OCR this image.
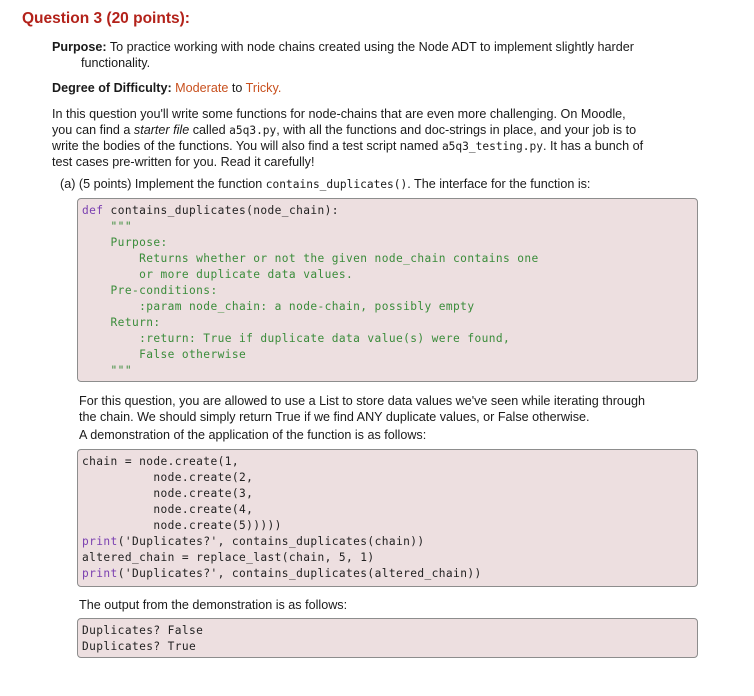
Question 3 (20 points):
Purpose: To practice working with node chains created using the Node ADT to implement slightly harder
functionality.
Degree of Difficulty: Moderate to Tricky.
In this question you'll write some functions for node-chains that are even more challenging. On Moodle,
you can find a starter file called a5q3.py, with all the functions and doc-strings in place, and your job is to
write the bodies of the functions. You will also find a test script named a5q3_testing.py. It has a bunch of
test cases pre-written for you. Read it carefully!
(a) (5 points) Implement the function contains_duplicates(). The interface for the function is:
def contains_duplicates(node_chain):
"""
Purpose:
Returns whether or not the given node_chain contains one
or more duplicate data values.
Pre-conditions:
:param node_chain: a node-chain, possibly empty
Return:
:return: True if duplicate data value(s) were found,
False otherwise
"""
For this question, you are allowed to use a List to store data values we've seen while iterating through
the chain. We should simply return True if we find ANY duplicate values, or False otherwise.
A demonstration of the application of the function is as follows:
chain = node.create(1,
node.create(2,
node.create(3,
node.create(4,
node.create(5)))))
print('Duplicates?', contains_duplicates(chain))
altered_chain = replace_last(chain, 5, 1)
print('Duplicates?', contains_duplicates(altered_chain))
The output from the demonstration is as follows:
Duplicates? False
Duplicates? True
